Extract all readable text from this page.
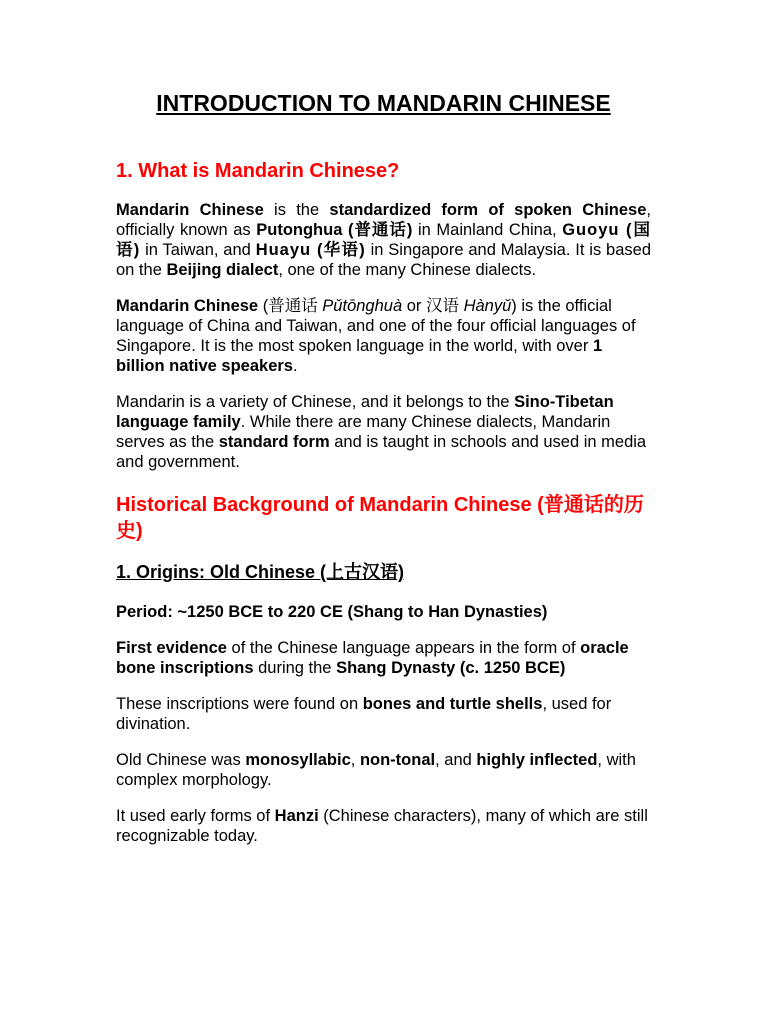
INTRODUCTION TO MANDARIN CHINESE
1. What is Mandarin Chinese?

Mandarin Chinese is the standardized form of spoken Chinese, officially known as Putonghua (普通话) in Mainland China, Guoyu (国语) in Taiwan, and Huayu (华语) in Singapore and Malaysia. It is based on the Beijing dialect, one of the many Chinese dialects.

Mandarin Chinese (普通话 Pǔtōnghuà or 汉语 Hànyǔ) is the official language of China and Taiwan, and one of the four official languages of Singapore. It is the most spoken language in the world, with over 1 billion native speakers.

Mandarin is a variety of Chinese, and it belongs to the Sino-Tibetan language family. While there are many Chinese dialects, Mandarin serves as the standard form and is taught in schools and used in media and government.

Historical Background of Mandarin Chinese (普通话的历史)
1. Origins: Old Chinese (上古汉语)

Period: ~1250 BCE to 220 CE (Shang to Han Dynasties)

First evidence of the Chinese language appears in the form of oracle bone inscriptions during the Shang Dynasty (c. 1250 BCE)

These inscriptions were found on bones and turtle shells, used for divination.

Old Chinese was monosyllabic, non-tonal, and highly inflected, with complex morphology.

It used early forms of Hanzi (Chinese characters), many of which are still recognizable today.
